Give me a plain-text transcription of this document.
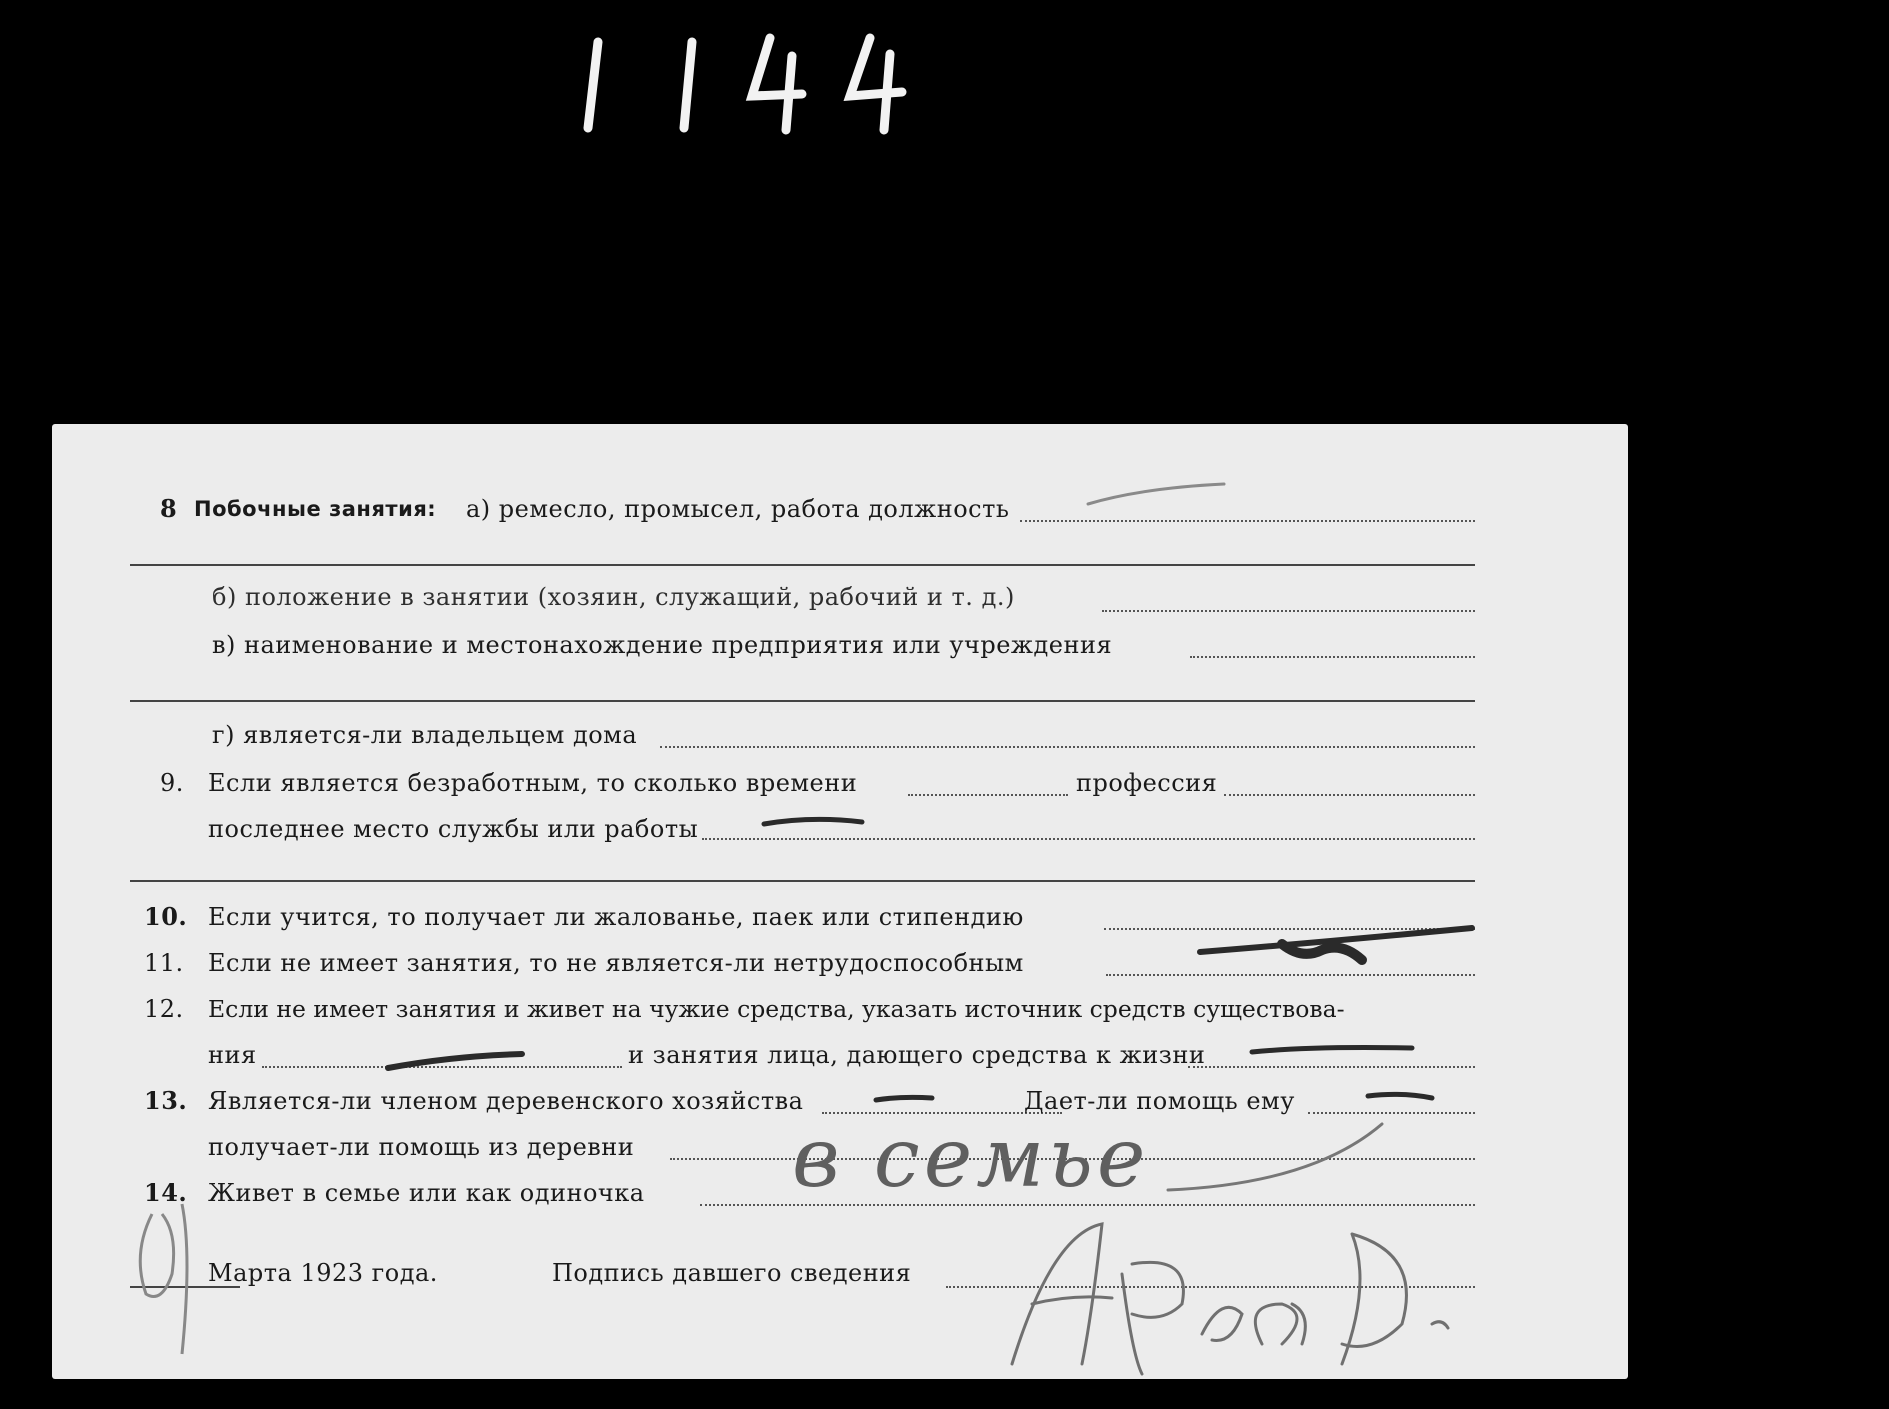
8 Побочные занятия: а) ремесло, промысел, работа должность
б) положение в занятии (хозяин, служащий, рабочий и т. д.)
в) наименование и местонахождение предприятия или учреждения
г) является-ли владельцем дома
9. Если является безработным, то сколько времени	профессия
последнее место службы или работы
10. Если учится, то получает ли жалованье, паек или стипендию
11. Если не имеет занятия, то не является-ли нетрудоспособным
12. Если не имеет занятия и живет на чужие средства, указать источник средств существова-
ния	и занятия лица, дающего средства к жизни
13. Является-ли членом деревенского хозяйства	Дает-ли помощь ему
получает-ли помощь из деревни
14. Живет в семье или как одиночка
Марта 1923 года.	Подпись давшего сведения
в семье
